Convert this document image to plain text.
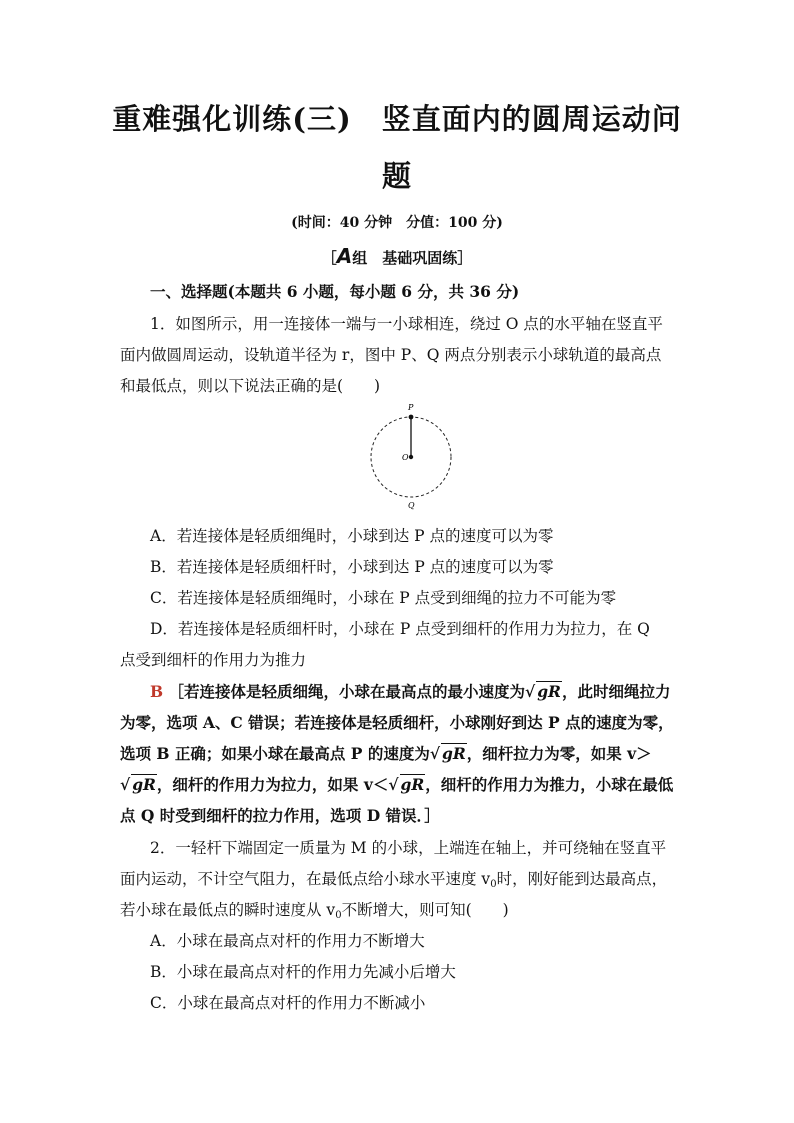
重难强化训练(三)　竖直面内的圆周运动问
题
(时间：40 分钟　分值：100 分)
［A组　基础巩固练］
一、选择题(本题共 6 小题，每小题 6 分，共 36 分)
1．如图所示，用一连接体一端与一小球相连，绕过 O 点的水平轴在竖直平
面内做圆周运动，设轨道半径为 r，图中 P、Q 两点分别表示小球轨道的最高点
和最低点，则以下说法正确的是(　　)
P
O
Q
A．若连接体是轻质细绳时，小球到达 P 点的速度可以为零
B．若连接体是轻质细杆时，小球到达 P 点的速度可以为零
C．若连接体是轻质细绳时，小球在 P 点受到细绳的拉力不可能为零
D．若连接体是轻质细杆时，小球在 P 点受到细杆的作用力为拉力，在 Q
点受到细杆的作用力为推力
B ［若连接体是轻质细绳，小球在最高点的最小速度为√ gR，此时细绳拉力
为零，选项 A、C 错误；若连接体是轻质细杆，小球刚好到达 P 点的速度为零，
选项 B 正确；如果小球在最高点 P 的速度为√ gR，细杆拉力为零，如果 v＞
√ gR，细杆的作用力为拉力，如果 v＜√ gR，细杆的作用力为推力，小球在最低
点 Q 时受到细杆的拉力作用，选项 D 错误．］
2．一轻杆下端固定一质量为 M 的小球，上端连在轴上，并可绕轴在竖直平
面内运动，不计空气阻力，在最低点给小球水平速度 $v_0$时，刚好能到达最高点，
若小球在最低点的瞬时速度从 $v_0$不断增大，则可知(　　)
A．小球在最高点对杆的作用力不断增大
B．小球在最高点对杆的作用力先减小后增大
C．小球在最高点对杆的作用力不断减小
